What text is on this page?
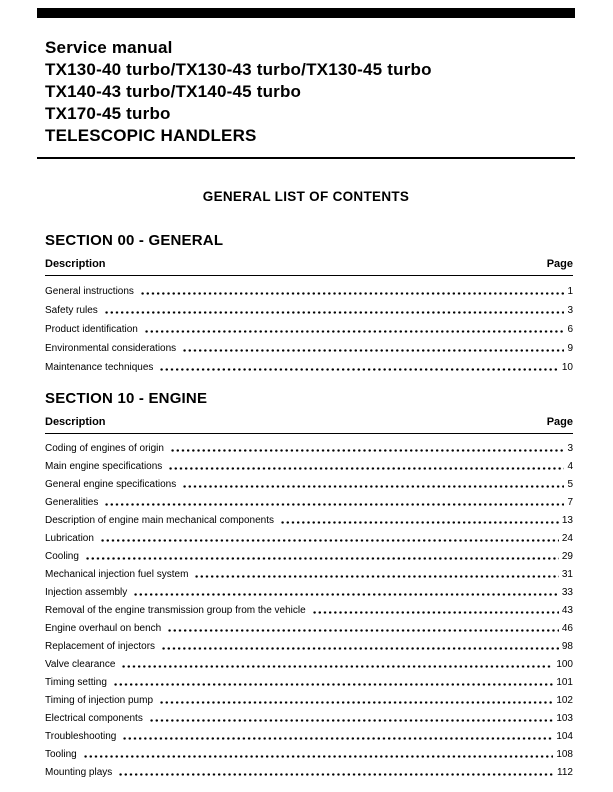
Service manual
TX130-40 turbo/TX130-43 turbo/TX130-45 turbo
TX140-43 turbo/TX140-45 turbo
TX170-45 turbo
TELESCOPIC HANDLERS
GENERAL LIST OF CONTENTS
SECTION 00 - GENERAL
Description	Page
General instructions	1
Safety rules	3
Product identification	6
Environmental considerations	9
Maintenance techniques	10
SECTION 10 - ENGINE
Description	Page
Coding of engines of origin	3
Main engine specifications	4
General engine specifications	5
Generalities	7
Description of engine main mechanical components	13
Lubrication	24
Cooling	29
Mechanical injection fuel system	31
Injection assembly	33
Removal of the engine transmission group from the vehicle	43
Engine overhaul on bench	46
Replacement of injectors	98
Valve clearance	100
Timing setting	101
Timing of injection pump	102
Electrical components	103
Troubleshooting	104
Tooling	108
Mounting plays	112
